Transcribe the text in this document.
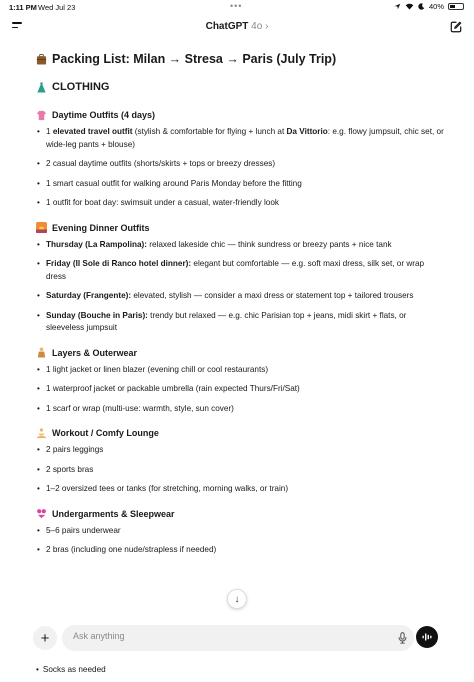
1:11 PM Wed Jul 23	•••	40%
ChatGPT 4o ›
Packing List: Milan → Stresa → Paris (July Trip)
CLOTHING
Daytime Outfits (4 days)
• 1 elevated travel outfit (stylish & comfortable for flying + lunch at Da Vittorio: e.g. flowy jumpsuit, chic set, or wide-leg pants + blouse)
• 2 casual daytime outfits (shorts/skirts + tops or breezy dresses)
• 1 smart casual outfit for walking around Paris Monday before the fitting
• 1 outfit for boat day: swimsuit under a casual, water-friendly look
Evening Dinner Outfits
• Thursday (La Rampolina): relaxed lakeside chic — think sundress or breezy pants + nice tank
• Friday (Il Sole di Ranco hotel dinner): elegant but comfortable — e.g. soft maxi dress, silk set, or wrap dress
• Saturday (Frangente): elevated, stylish — consider a maxi dress or statement top + tailored trousers
• Sunday (Bouche in Paris): trendy but relaxed — e.g. chic Parisian top + jeans, midi skirt + flats, or sleeveless jumpsuit
Layers & Outerwear
• 1 light jacket or linen blazer (evening chill or cool restaurants)
• 1 waterproof jacket or packable umbrella (rain expected Thurs/Fri/Sat)
• 1 scarf or wrap (multi-use: warmth, style, sun cover)
Workout / Comfy Lounge
• 2 pairs leggings
• 2 sports bras
• 1–2 oversized tees or tanks (for stretching, morning walks, or train)
Undergarments & Sleepwear
• 5–6 pairs underwear
• 2 bras (including one nude/strapless if needed)
↓
+
Ask anything
• Socks as needed
